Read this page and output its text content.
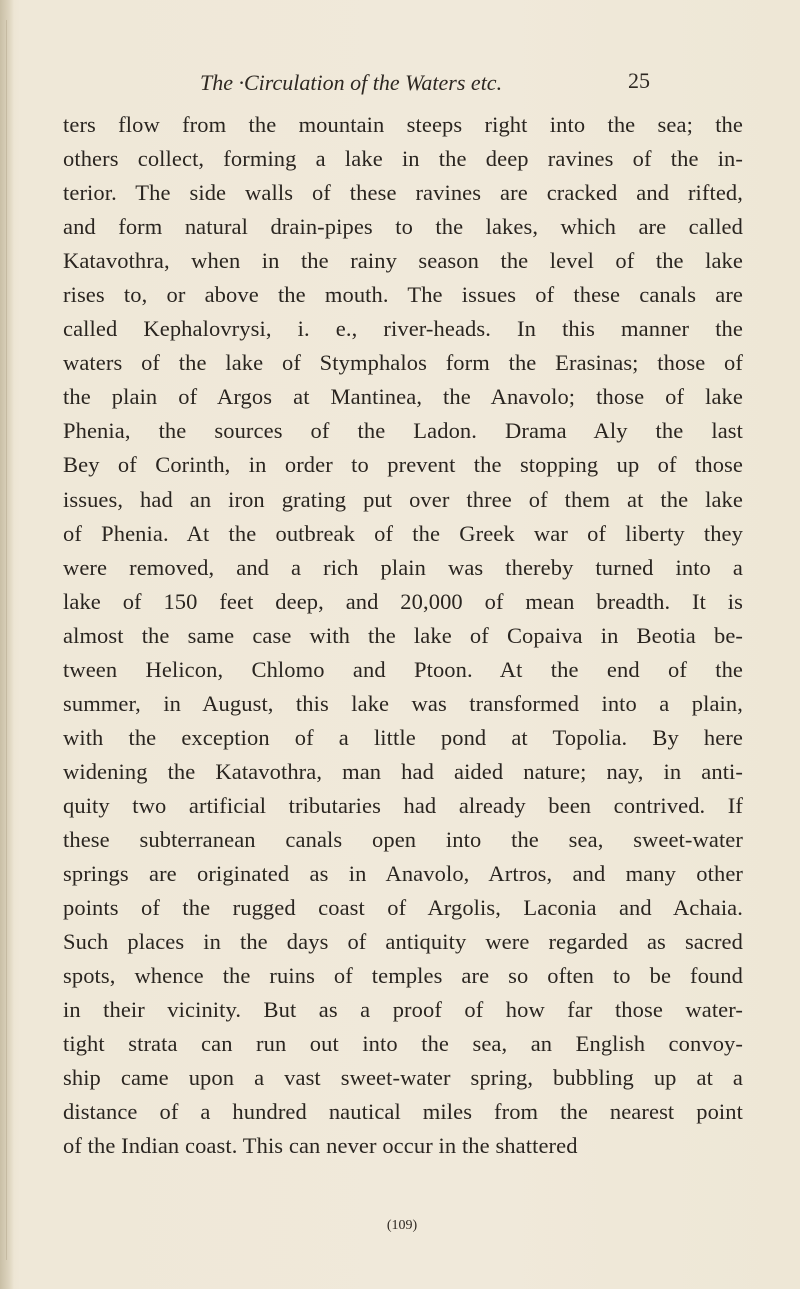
The ·Circulation of the Waters etc.	25
ters flow from the mountain steeps right into the sea; the
others collect, forming a lake in the deep ravines of the in-
terior. The side walls of these ravines are cracked and rifted,
and form natural drain-pipes to the lakes, which are called
Katavothra, when in the rainy season the level of the lake
rises to, or above the mouth. The issues of these canals are
called Kephalovrysi, i. e., river-heads. In this manner the
waters of the lake of Stymphalos form the Erasinas; those of
the plain of Argos at Mantinea, the Anavolo; those of lake
Phenia, the sources of the Ladon. Drama Aly the last
Bey of Corinth, in order to prevent the stopping up of those
issues, had an iron grating put over three of them at the lake
of Phenia. At the outbreak of the Greek war of liberty they
were removed, and a rich plain was thereby turned into a
lake of 150 feet deep, and 20,000 of mean breadth. It is
almost the same case with the lake of Copaiva in Beotia be-
tween Helicon, Chlomo and Ptoon. At the end of the
summer, in August, this lake was transformed into a plain,
with the exception of a little pond at Topolia. By here
widening the Katavothra, man had aided nature; nay, in anti-
quity two artificial tributaries had already been contrived. If
these subterranean canals open into the sea, sweet-water
springs are originated as in Anavolo, Artros, and many other
points of the rugged coast of Argolis, Laconia and Achaia.
Such places in the days of antiquity were regarded as sacred
spots, whence the ruins of temples are so often to be found
in their vicinity. But as a proof of how far those water-
tight strata can run out into the sea, an English convoy-
ship came upon a vast sweet-water spring, bubbling up at a
distance of a hundred nautical miles from the nearest point
of the Indian coast. This can never occur in the shattered
(109)
